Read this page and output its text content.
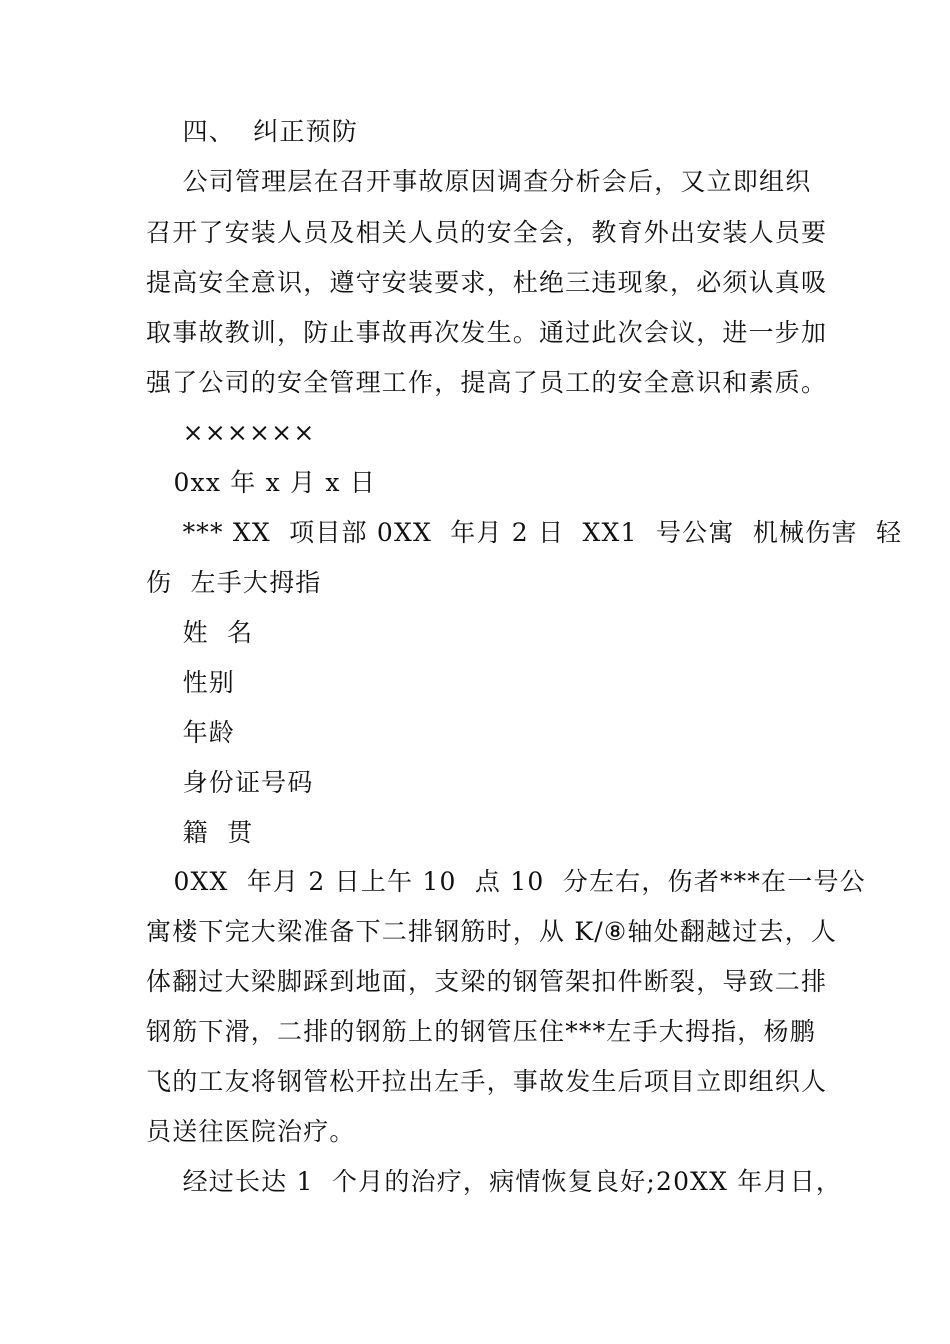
四、  纠正预防
公司管理层在召开事故原因调查分析会后，又立即组织
召开了安装人员及相关人员的安全会，教育外出安装人员要
提高安全意识，遵守安装要求，杜绝三违现象，必须认真吸
取事故教训，防止事故再次发生。通过此次会议，进一步加
强了公司的安全管理工作，提高了员工的安全意识和素质。
××××××
0xx 年 x 月 x 日
*** XX  项目部 0XX  年月 2 日  XX1  号公寓  机械伤害  轻
伤  左手大拇指
姓  名
性别
年龄
身份证号码
籍  贯
0XX  年月 2 日上午 10  点 10  分左右，伤者***在一号公
寓楼下完大梁准备下二排钢筋时，从 K/⑧轴处翻越过去，人
体翻过大梁脚踩到地面，支梁的钢管架扣件断裂，导致二排
钢筋下滑，二排的钢筋上的钢管压住***左手大拇指，杨鹏
飞的工友将钢管松开拉出左手，事故发生后项目立即组织人
员送往医院治疗。
经过长达 1  个月的治疗，病情恢复良好;20XX 年月日，
